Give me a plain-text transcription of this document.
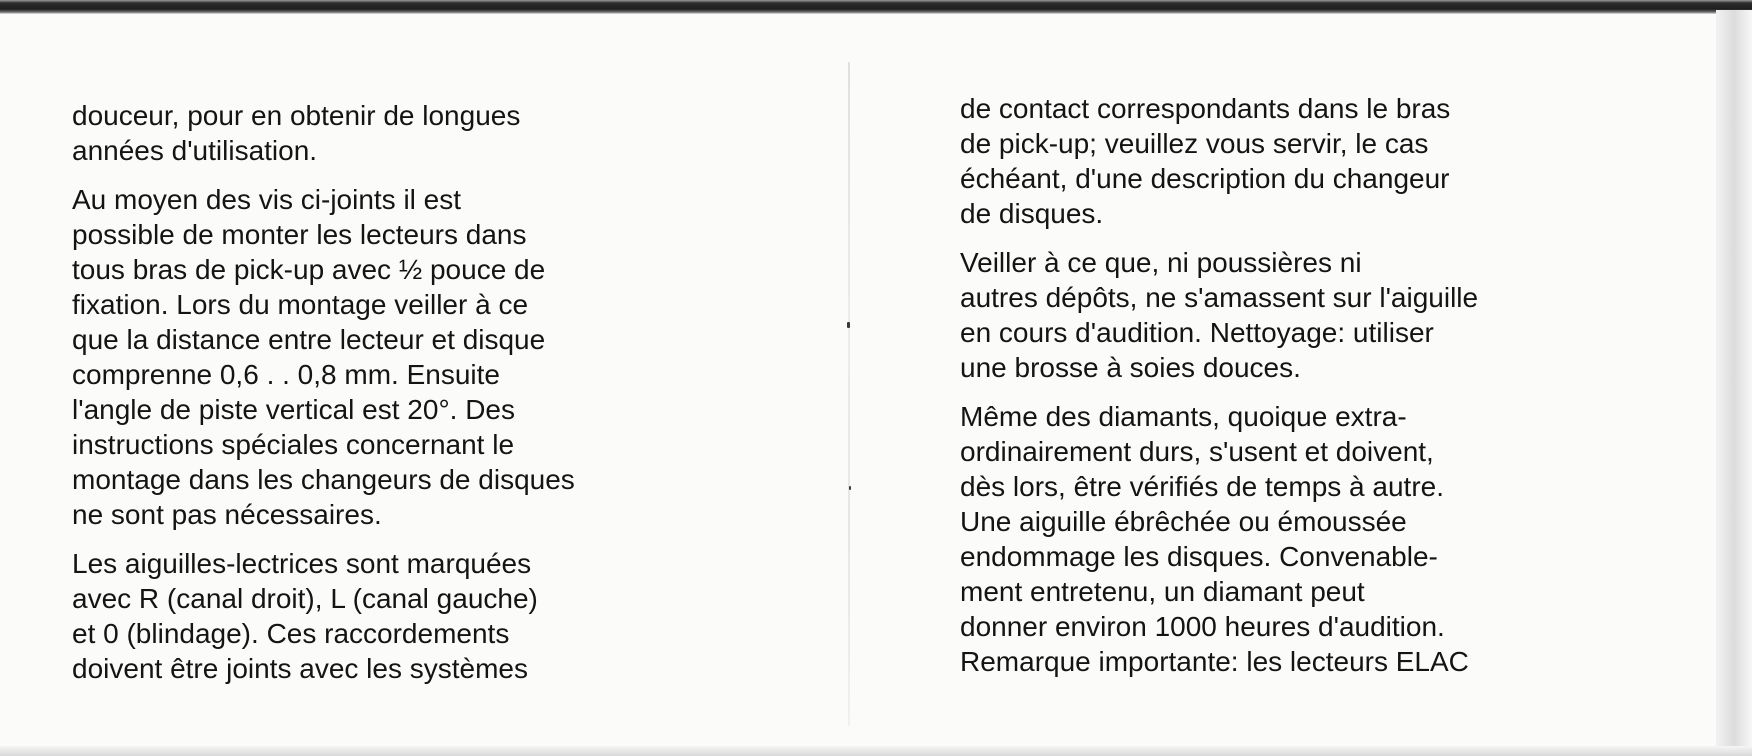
douceur, pour en obtenir de longues
années d'utilisation.
Au moyen des vis ci-joints il est
possible de monter les lecteurs dans
tous bras de pick-up avec ½ pouce de
fixation. Lors du montage veiller à ce
que la distance entre lecteur et disque
comprenne 0,6 . . 0,8 mm. Ensuite
l'angle de piste vertical est 20°. Des
instructions spéciales concernant le
montage dans les changeurs de disques
ne sont pas nécessaires.
Les aiguilles-lectrices sont marquées
avec R (canal droit), L (canal gauche)
et 0 (blindage). Ces raccordements
doivent être joints avec les systèmes
de contact correspondants dans le bras
de pick-up; veuillez vous servir, le cas
échéant, d'une description du changeur
de disques.
Veiller à ce que, ni poussières ni
autres dépôts, ne s'amassent sur l'aiguille
en cours d'audition. Nettoyage: utiliser
une brosse à soies douces.
Même des diamants, quoique extra-
ordinairement durs, s'usent et doivent,
dès lors, être vérifiés de temps à autre.
Une aiguille ébrêchée ou émoussée
endommage les disques. Convenable-
ment entretenu, un diamant peut
donner environ 1000 heures d'audition.
Remarque importante: les lecteurs ELAC
